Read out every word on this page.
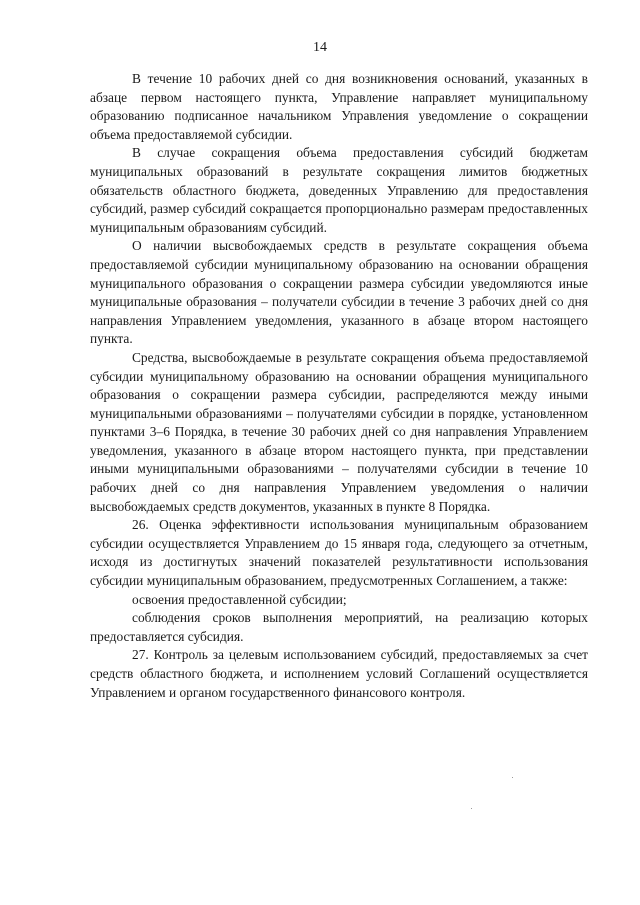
14

В течение 10 рабочих дней со дня возникновения оснований, указанных в абзаце первом настоящего пункта, Управление направляет муниципальному образованию подписанное начальником Управления уведомление о сокращении объема предоставляемой субсидии.

В случае сокращения объема предоставления субсидий бюджетам муниципальных образований в результате сокращения лимитов бюджетных обязательств областного бюджета, доведенных Управлению для предоставления субсидий, размер субсидий сокращается пропорционально размерам предоставленных муниципальным образованиям субсидий.

О наличии высвобождаемых средств в результате сокращения объема предоставляемой субсидии муниципальному образованию на основании обращения муниципального образования о сокращении размера субсидии уведомляются иные муниципальные образования – получатели субсидии в течение 3 рабочих дней со дня направления Управлением уведомления, указанного в абзаце втором настоящего пункта.

Средства, высвобождаемые в результате сокращения объема предоставляемой субсидии муниципальному образованию на основании обращения муниципального образования о сокращении размера субсидии, распределяются между иными муниципальными образованиями – получателями субсидии в порядке, установленном пунктами 3–6 Порядка, в течение 30 рабочих дней со дня направления Управлением уведомления, указанного в абзаце втором настоящего пункта, при представлении иными муниципальными образованиями – получателями субсидии в течение 10 рабочих дней со дня направления Управлением уведомления о наличии высвобождаемых средств документов, указанных в пункте 8 Порядка.

26. Оценка эффективности использования муниципальным образованием субсидии осуществляется Управлением до 15 января года, следующего за отчетным, исходя из достигнутых значений показателей результативности использования субсидии муниципальным образованием, предусмотренных Соглашением, а также:

освоения предоставленной субсидии;

соблюдения сроков выполнения мероприятий, на реализацию которых предоставляется субсидия.

27. Контроль за целевым использованием субсидий, предоставляемых за счет средств областного бюджета, и исполнением условий Соглашений осуществляется Управлением и органом государственного финансового контроля.
